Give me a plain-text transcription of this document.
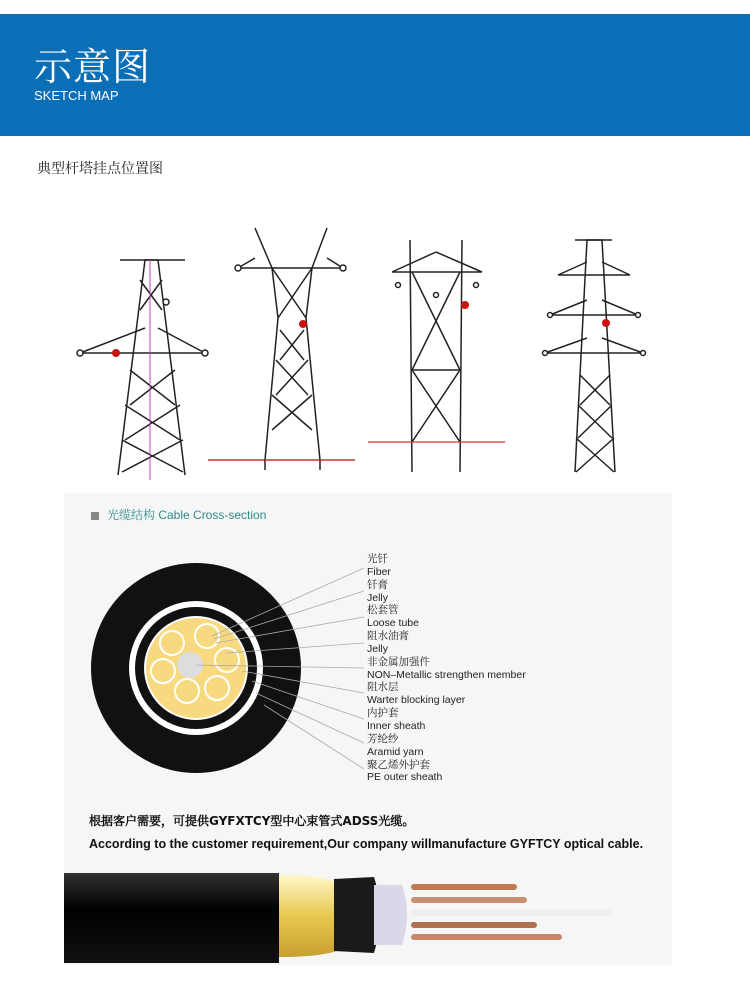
示意图
SKETCH MAP
典型杆塔挂点位置图
光缆结构 Cable Cross-section
光钎
Fiber
钎膏
Jelly
松套管
Loose tube
阻水油膏
Jelly
非金属加强件
NON–Metallic strengthen member
阻水层
Warter blocking layer
内护套
Inner sheath
芳纶纱
Aramid yarn
聚乙烯外护套
PE outer sheath
根据客户需要，可提供GYFXTCY型中心束管式ADSS光缆。
According to the customer requirement,Our company willmanufacture GYFTCY optical cable.
